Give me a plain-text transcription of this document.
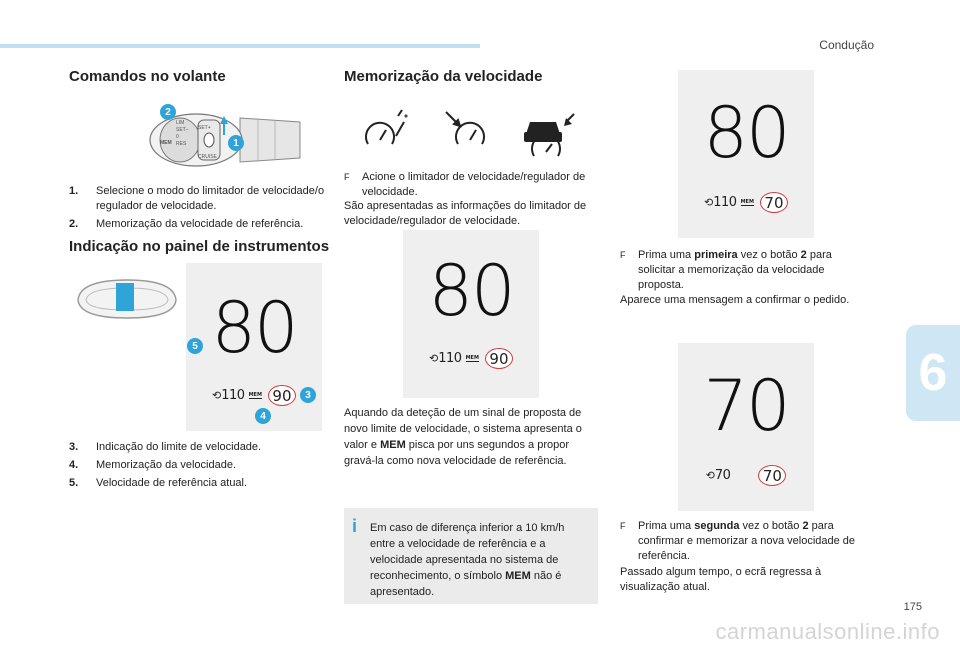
Condução
6
Comandos no volante
LIM
SET−
0
RES
CRUISE
SET+
MEM
2
1
1.	Selecione o modo do limitador de velocidade/o regulador de velocidade.
2.	Memorização da velocidade de referência.
Indicação no painel de instrumentos
80
⟲ 110 MEM 90
5
3
4
3.	Indicação do limite de velocidade.
4.	Memorização da velocidade.
5.	Velocidade de referência atual.
Memorização da velocidade
F	Acione o limitador de velocidade/regulador de velocidade.
São apresentadas as informações do limitador de velocidade/regulador de velocidade.
80
⟲ 110 MEM 90
Aquando da deteção de um sinal de proposta de novo limite de velocidade, o sistema apresenta o valor e MEM pisca por uns segundos a propor gravá-la como nova velocidade de referência.
i Em caso de diferença inferior a 10 km/h entre a velocidade de referência e a velocidade apresentada no sistema de reconhecimento, o símbolo MEM não é apresentado.
80
⟲ 110 MEM 70
F	Prima uma primeira vez o botão 2 para solicitar a memorização da velocidade proposta.
Aparece uma mensagem a confirmar o pedido.
70
⟲ 70 70
F	Prima uma segunda vez o botão 2 para confirmar e memorizar a nova velocidade de referência.
Passado algum tempo, o ecrã regressa à visualização atual.
175
carmanualsonline.info
